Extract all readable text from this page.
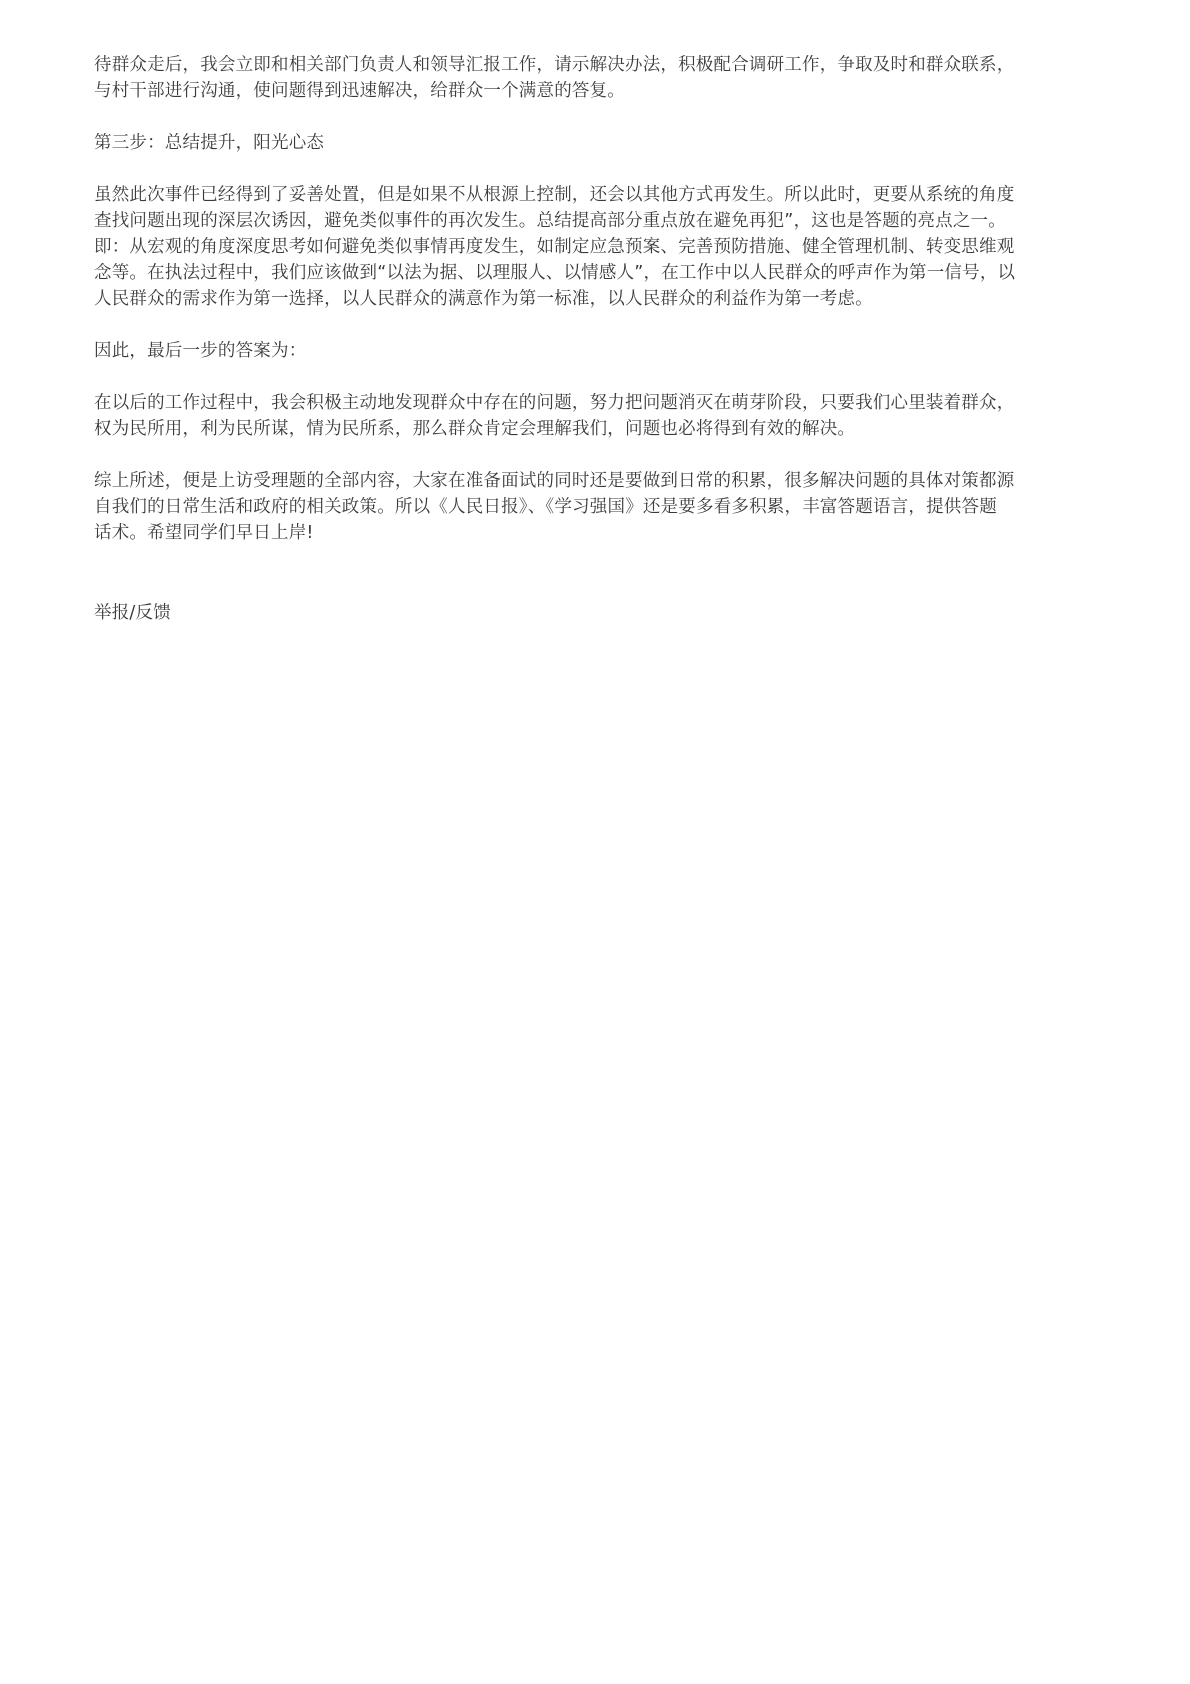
待群众走后，我会立即和相关部门负责人和领导汇报工作，请示解决办法，积极配合调研工作，争取及时和群众联系，
与村干部进行沟通，使问题得到迅速解决，给群众一个满意的答复。

第三步：总结提升，阳光心态

虽然此次事件已经得到了妥善处置，但是如果不从根源上控制，还会以其他方式再发生。所以此时，更要从系统的角度
查找问题出现的深层次诱因，避免类似事件的再次发生。总结提高部分重点放在避免再犯”，这也是答题的亮点之一。
即：从宏观的角度深度思考如何避免类似事情再度发生，如制定应急预案、完善预防措施、健全管理机制、转变思维观
念等。在执法过程中，我们应该做到“以法为据、以理服人、以情感人”，在工作中以人民群众的呼声作为第一信号，以
人民群众的需求作为第一选择，以人民群众的满意作为第一标准，以人民群众的利益作为第一考虑。

因此，最后一步的答案为：

在以后的工作过程中，我会积极主动地发现群众中存在的问题，努力把问题消灭在萌芽阶段，只要我们心里装着群众，
权为民所用，利为民所谋，情为民所系，那么群众肯定会理解我们，问题也必将得到有效的解决。

综上所述，便是上访受理题的全部内容，大家在准备面试的同时还是要做到日常的积累，很多解决问题的具体对策都源
自我们的日常生活和政府的相关政策。所以《人民日报》、《学习强国》还是要多看多积累，丰富答题语言，提供答题
话术。希望同学们早日上岸!

举报/反馈
